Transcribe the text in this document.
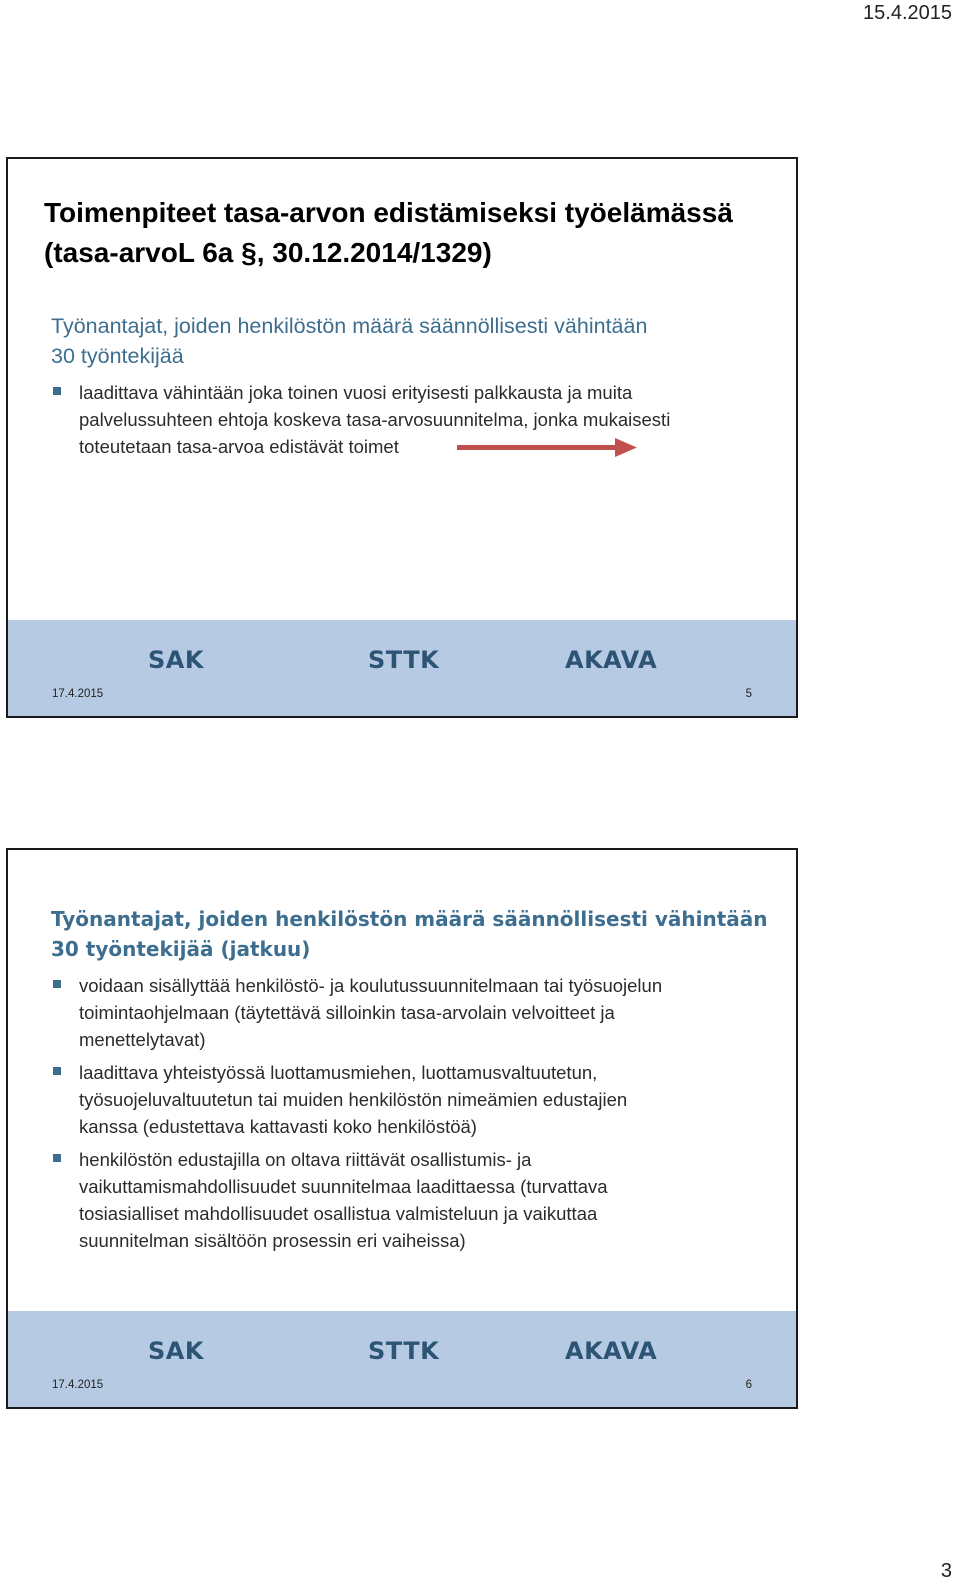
15.4.2015
Toimenpiteet tasa-arvon edistämiseksi työelämässä
(tasa-arvoL 6a §, 30.12.2014/1329)
Työnantajat, joiden henkilöstön määrä säännöllisesti vähintään
30 työntekijää
laadittava vähintään joka toinen vuosi erityisesti palkkausta ja muita
palvelussuhteen ehtoja koskeva tasa-arvosuunnitelma, jonka mukaisesti
toteutetaan tasa-arvoa edistävät toimet
SAK	STTK	AKAVA
17.4.2015	5
Työnantajat, joiden henkilöstön määrä säännöllisesti vähintään
30 työntekijää (jatkuu)
voidaan sisällyttää henkilöstö- ja koulutussuunnitelmaan tai työsuojelun
toimintaohjelmaan (täytettävä silloinkin tasa-arvolain velvoitteet ja
menettelytavat)
laadittava yhteistyössä luottamusmiehen, luottamusvaltuutetun,
työsuojeluvaltuutetun tai muiden henkilöstön nimeämien edustajien
kanssa (edustettava kattavasti koko henkilöstöä)
henkilöstön edustajilla on oltava riittävät osallistumis- ja
vaikuttamismahdollisuudet suunnitelmaa laadittaessa (turvattava
tosiasialliset mahdollisuudet osallistua valmisteluun ja vaikuttaa
suunnitelman sisältöön prosessin eri vaiheissa)
SAK	STTK	AKAVA
17.4.2015	6
3
